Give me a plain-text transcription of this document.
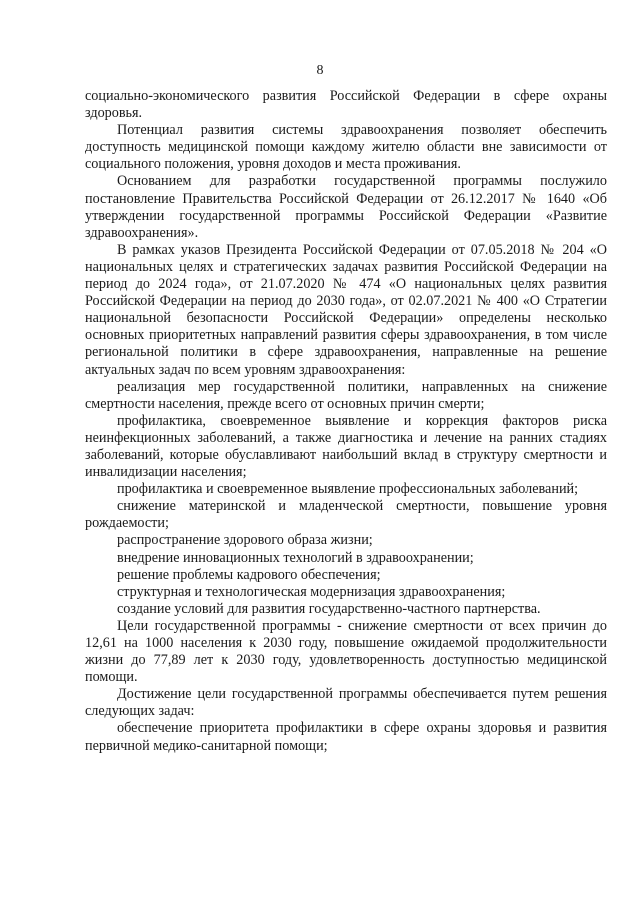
8

социально-экономического развития Российской Федерации в сфере охраны здоровья.

Потенциал развития системы здравоохранения позволяет обеспечить доступность медицинской помощи каждому жителю области вне зависимости от социального положения, уровня доходов и места проживания.

Основанием для разработки государственной программы послужило постановление Правительства Российской Федерации от 26.12.2017 № 1640 «Об утверждении государственной программы Российской Федерации «Развитие здравоохранения».

В рамках указов Президента Российской Федерации от 07.05.2018 № 204 «О национальных целях и стратегических задачах развития Российской Федерации на период до 2024 года», от 21.07.2020 № 474 «О национальных целях развития Российской Федерации на период до 2030 года», от 02.07.2021 № 400 «О Стратегии национальной безопасности Российской Федерации» определены несколько основных приоритетных направлений развития сферы здравоохранения, в том числе региональной политики в сфере здравоохранения, направленные на решение актуальных задач по всем уровням здравоохранения:

реализация мер государственной политики, направленных на снижение смертности населения, прежде всего от основных причин смерти;

профилактика, своевременное выявление и коррекция факторов риска неинфекционных заболеваний, а также диагностика и лечение на ранних стадиях заболеваний, которые обуславливают наибольший вклад в структуру смертности и инвалидизации населения;

профилактика и своевременное выявление профессиональных заболеваний;

снижение материнской и младенческой смертности, повышение уровня рождаемости;

распространение здорового образа жизни;

внедрение инновационных технологий в здравоохранении;

решение проблемы кадрового обеспечения;

структурная и технологическая модернизация здравоохранения;

создание условий для развития государственно-частного партнерства.

Цели государственной программы - снижение смертности от всех причин до 12,61 на 1000 населения к 2030 году, повышение ожидаемой продолжительности жизни до 77,89 лет к 2030 году, удовлетворенность доступностью медицинской помощи.

Достижение цели государственной программы обеспечивается путем решения следующих задач:

обеспечение приоритета профилактики в сфере охраны здоровья и развития первичной медико-санитарной помощи;
